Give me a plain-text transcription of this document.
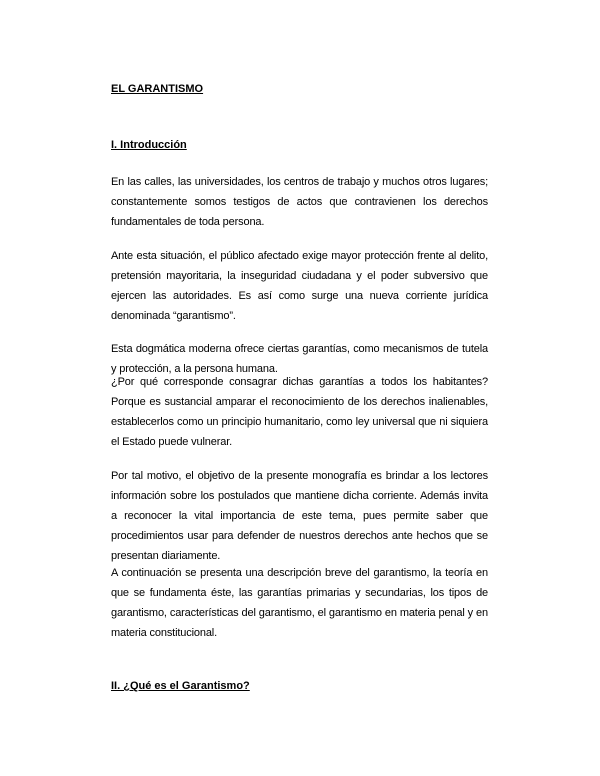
EL GARANTISMO

I. Introducción

En las calles, las universidades, los centros de trabajo y muchos otros lugares; constantemente somos testigos de actos que contravienen los derechos fundamentales de toda persona.

Ante esta situación, el público afectado exige mayor protección frente al delito, pretensión mayoritaria, la inseguridad ciudadana y el poder subversivo que ejercen las autoridades. Es así como surge una nueva corriente jurídica denominada “garantismo”.

Esta dogmática moderna ofrece ciertas garantías, como mecanismos de tutela y protección, a la persona humana.

¿Por qué corresponde consagrar dichas garantías a todos los habitantes? Porque es sustancial amparar el reconocimiento de los derechos inalienables, establecerlos como un principio humanitario, como ley universal que ni siquiera el Estado puede vulnerar.

Por tal motivo, el objetivo de la presente monografía es brindar a los lectores información sobre los postulados que mantiene dicha corriente. Además invita a reconocer la vital importancia de este tema, pues permite saber que procedimientos usar para defender de nuestros derechos ante hechos que se presentan diariamente.

A continuación se presenta una descripción breve del garantismo, la teoría en que se fundamenta éste, las garantías primarias y secundarias, los tipos de garantismo, características del garantismo, el garantismo en materia penal y en materia constitucional.

II. ¿Qué es el Garantismo?
